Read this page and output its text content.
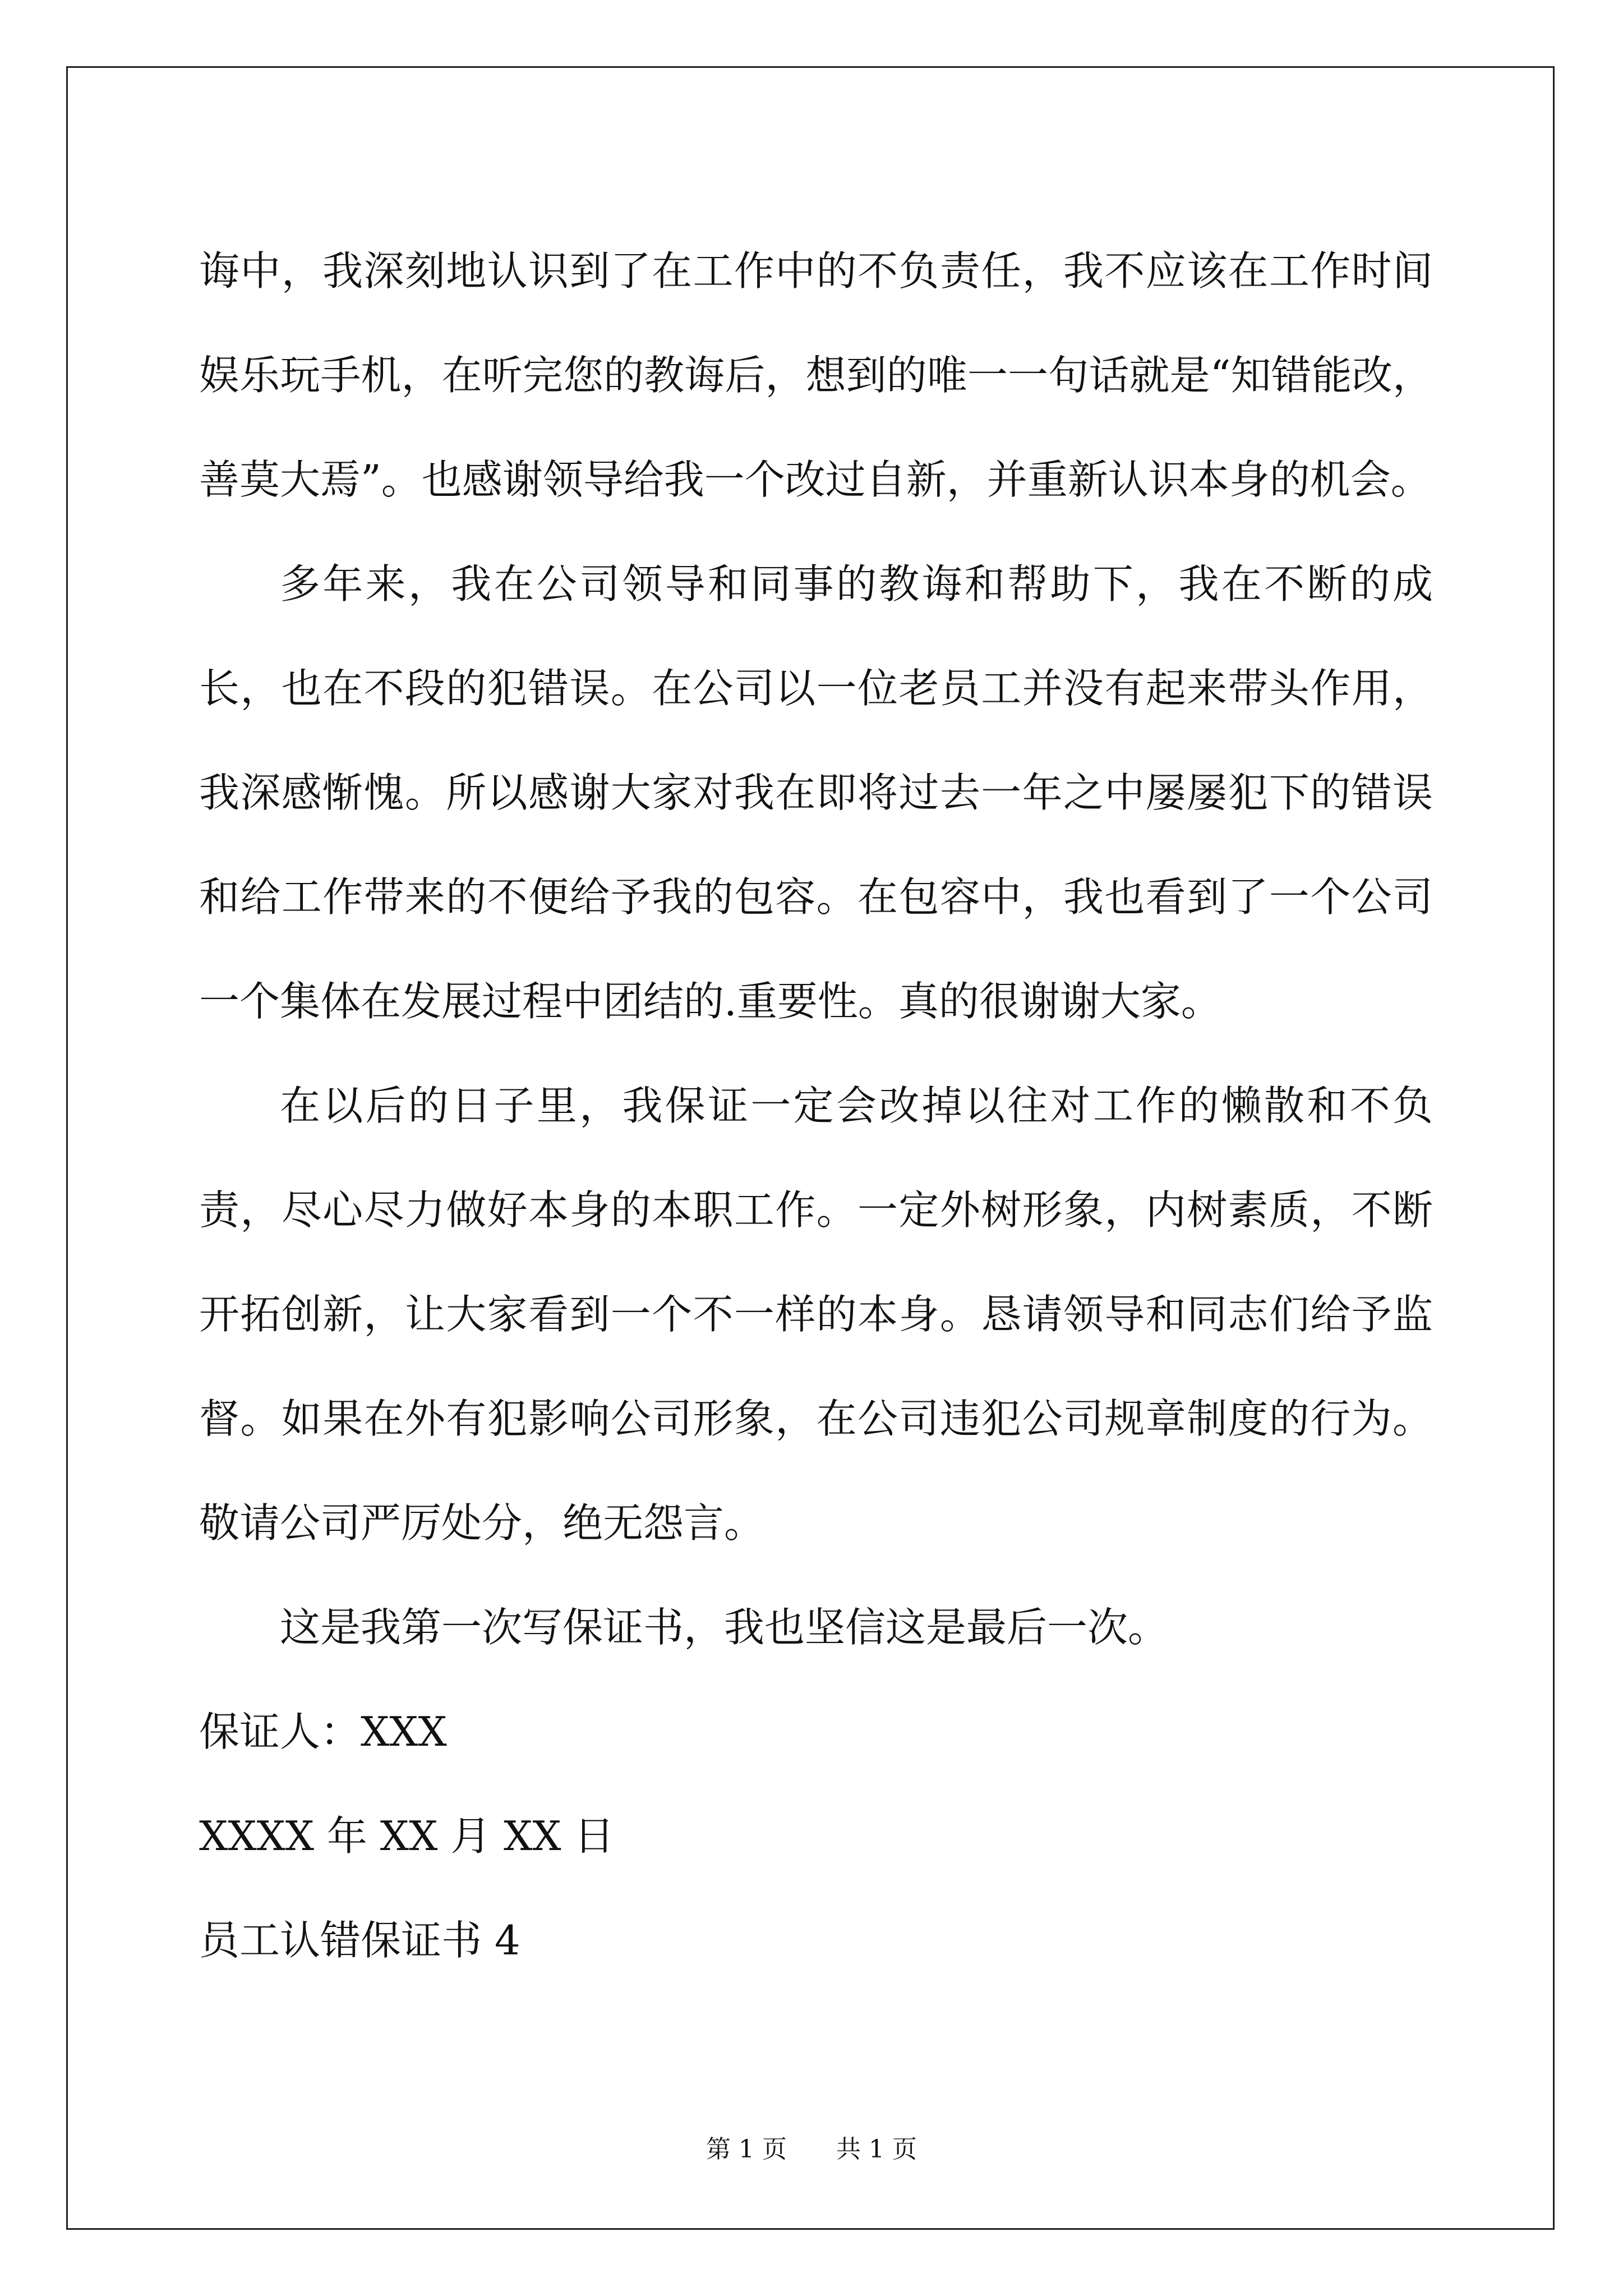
诲中，我深刻地认识到了在工作中的不负责任，我不应该在工作时间娱乐玩手机，在听完您的教诲后，想到的唯一一句话就是“知错能改，善莫大焉”。也感谢领导给我一个改过自新，并重新认识本身的机会。

多年来，我在公司领导和同事的教诲和帮助下，我在不断的成长，也在不段的犯错误。在公司以一位老员工并没有起来带头作用，我深感惭愧。所以感谢大家对我在即将过去一年之中屡屡犯下的错误和给工作带来的不便给予我的包容。在包容中，我也看到了一个公司一个集体在发展过程中团结的.重要性。真的很谢谢大家。

在以后的日子里，我保证一定会改掉以往对工作的懒散和不负责，尽心尽力做好本身的本职工作。一定外树形象，内树素质，不断开拓创新，让大家看到一个不一样的本身。恳请领导和同志们给予监督。如果在外有犯影响公司形象，在公司违犯公司规章制度的行为。敬请公司严厉处分，绝无怨言。

这是我第一次写保证书，我也坚信这是最后一次。

保证人：XXX

XXXX 年 XX 月 XX 日

员工认错保证书 4

第 1 页 共 1 页
